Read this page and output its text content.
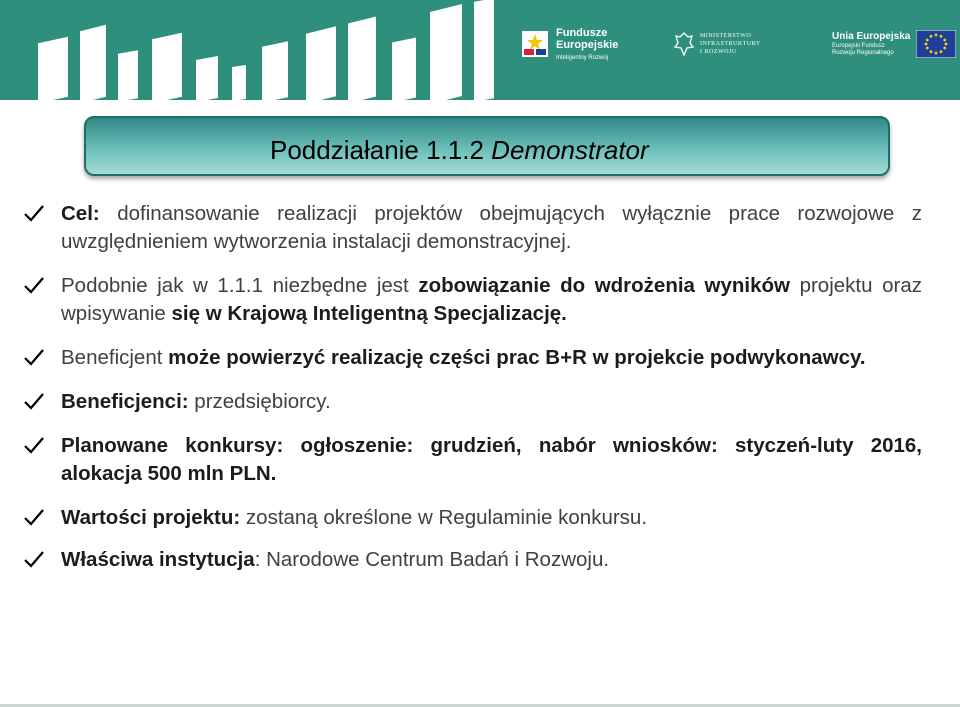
Fundusze
Europejskie
Inteligentny Rozwój
MINISTERSTWO
INFRASTRUKTURY
I ROZWOJU
Unia Europejska
Europejski Fundusz
Rozwoju Regionalnego
Poddziałanie 1.1.2 Demonstrator
Cel: dofinansowanie realizacji projektów obejmujących wyłącznie prace rozwojowe z uwzględnieniem wytworzenia instalacji demonstracyjnej.
Podobnie jak w 1.1.1 niezbędne jest zobowiązanie do wdrożenia wyników projektu oraz wpisywanie się w Krajową Inteligentną Specjalizację.
Beneficjent może powierzyć realizację części prac B+R w projekcie podwykonawcy.
Beneficjenci: przedsiębiorcy.
Planowane konkursy: ogłoszenie: grudzień, nabór wniosków: styczeń-luty 2016, alokacja 500 mln PLN.
Wartości projektu: zostaną określone w Regulaminie konkursu.
Właściwa instytucja: Narodowe Centrum Badań i Rozwoju.
